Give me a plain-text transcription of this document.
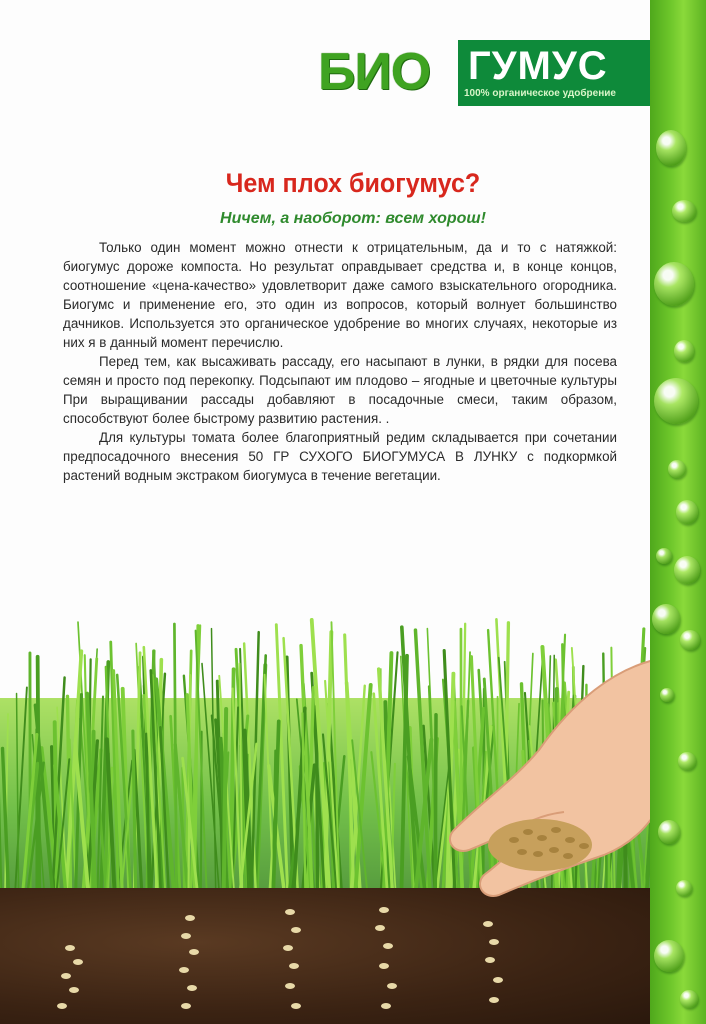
БИО ГУМУС
100% органическое удобрение
Чем плох биогумус?
Ничем, а наоборот: всем хорош!

Только один момент можно отнести к отрицательным, да и то с натяжкой: биогумус дороже компоста. Но результат оправдывает средства и, в конце концов, соотношение «цена-качество» удовлетворит даже самого взыскательного огородника. Биогумс и применение его, это один из вопросов, который волнует большинство дачников. Используется это органическое удобрение во многих случаях, некоторые из них я в данный момент перечислю.

Перед тем, как высаживать рассаду, его насыпают в лунки, в рядки для посева семян и просто под перекопку. Подсыпают им плодово – ягодные и цветочные культуры При выращивании рассады добавляют в посадочные смеси, таким образом, способствуют более быстрому развитию растения. .

Для культуры томата более благоприятный редим складывается при сочетании предпосадочного внесения 50 ГР СУХОГО БИОГУМУСА В ЛУНКУ с подкормкой растений водным экстраком биогумуса в течение вегетации.
